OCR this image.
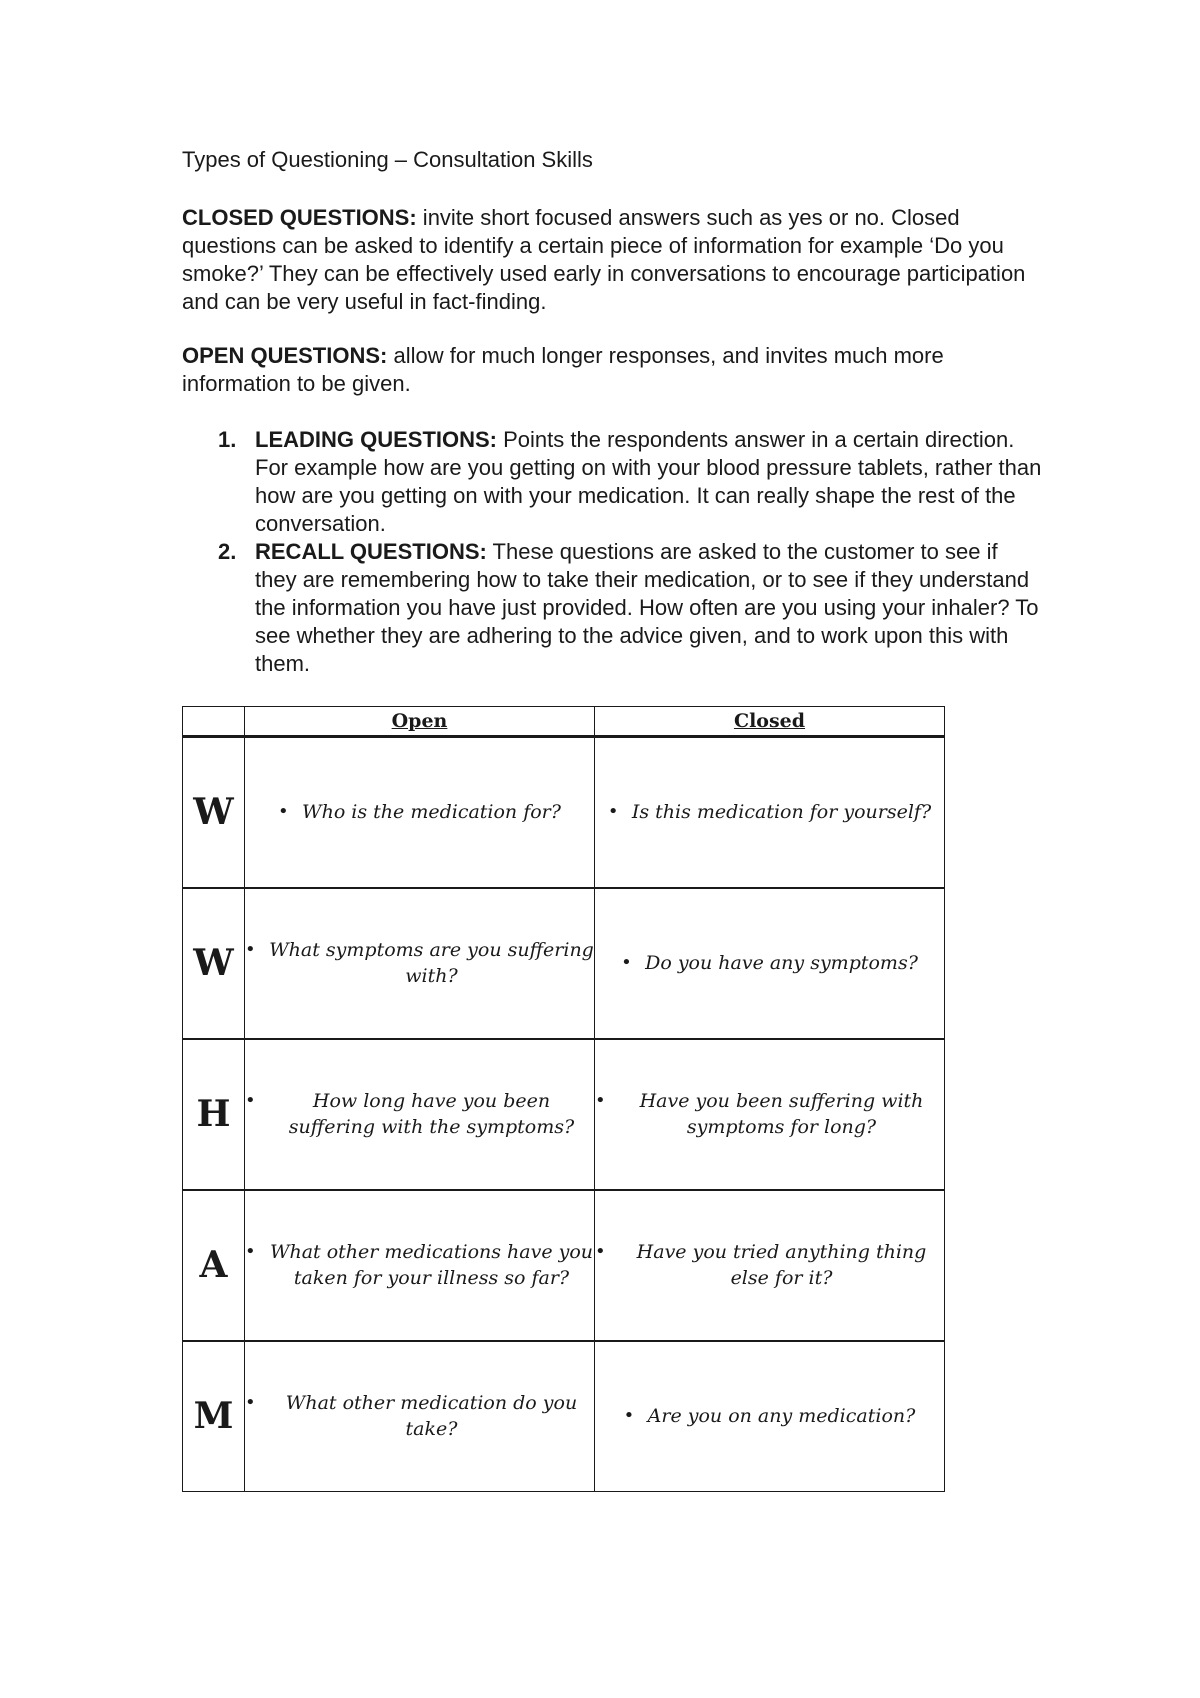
Types of Questioning – Consultation Skills
CLOSED QUESTIONS: invite short focused answers such as yes or no. Closed questions can be asked to identify a certain piece of information for example ‘Do you smoke?’ They can be effectively used early in conversations to encourage participation and can be very useful in fact-finding.
OPEN QUESTIONS: allow for much longer responses, and invites much more information to be given.
1. LEADING QUESTIONS: Points the respondents answer in a certain direction. For example how are you getting on with your blood pressure tablets, rather than how are you getting on with your medication. It can really shape the rest of the conversation.
2. RECALL QUESTIONS: These questions are asked to the customer to see if they are remembering how to take their medication, or to see if they understand the information you have just provided. How often are you using your inhaler? To see whether they are adhering to the advice given, and to work upon this with them.
	Open	Closed
W	• Who is the medication for?	• Is this medication for yourself?
W	• What symptoms are you suffering with?	• Do you have any symptoms?
H	• How long have you been suffering with the symptoms?	• Have you been suffering with symptoms for long?
A	• What other medications have you taken for your illness so far?	• Have you tried anything thing else for it?
M	• What other medication do you take?	• Are you on any medication?
